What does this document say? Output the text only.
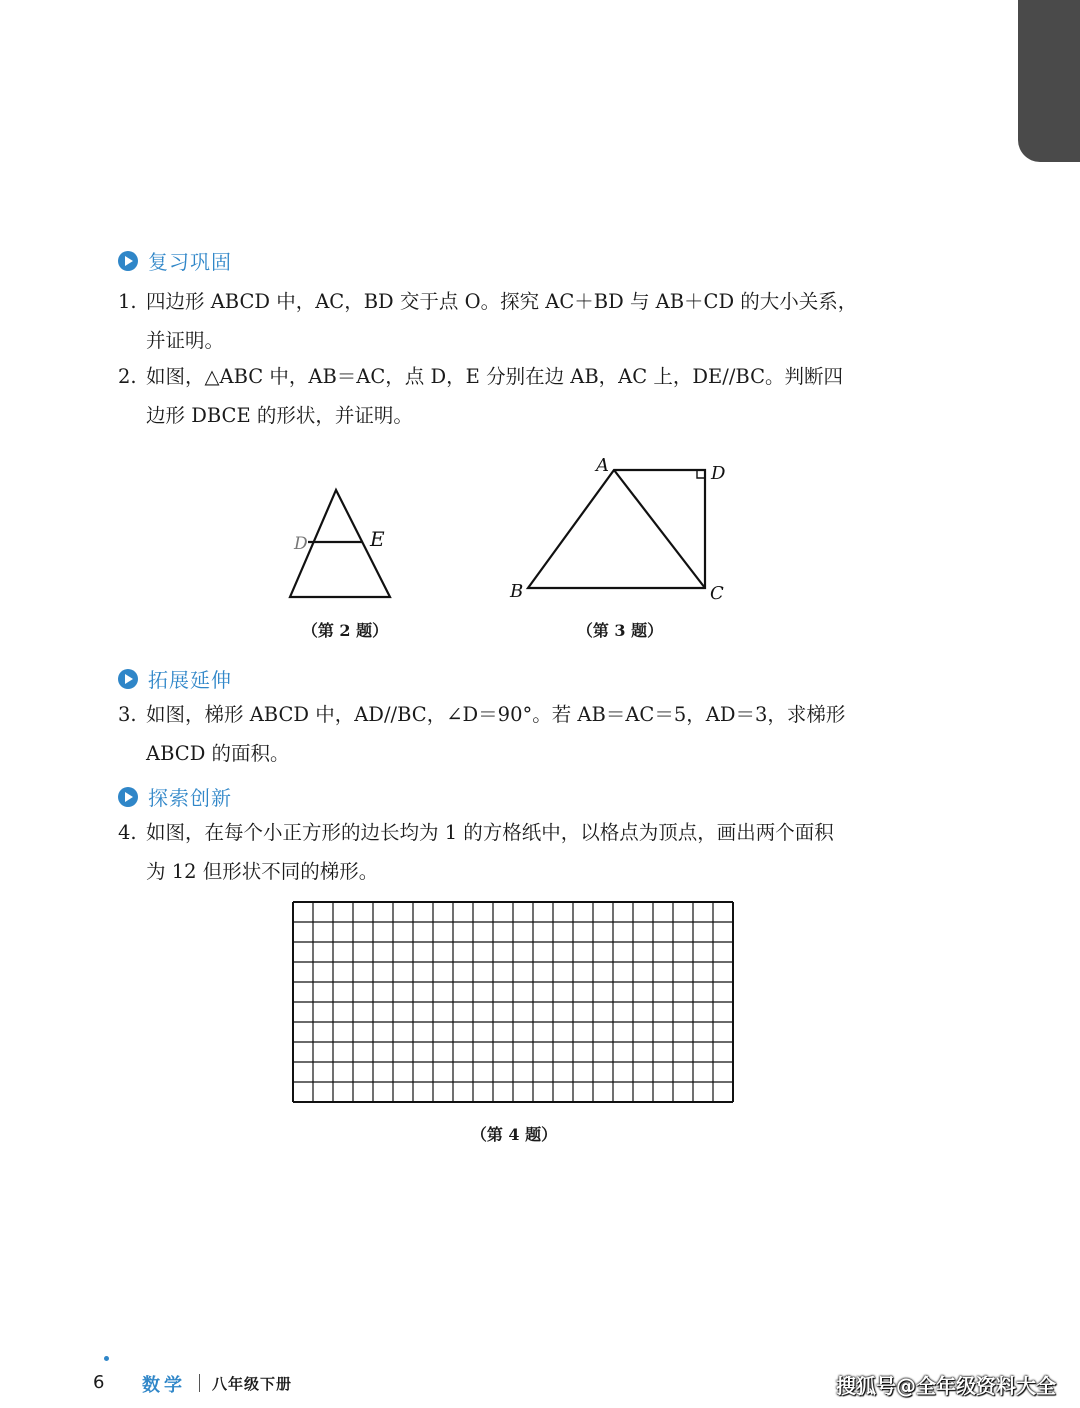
复习巩固
1. 四边形 ABCD 中，AC，BD 交于点 O。探究 AC＋BD 与 AB＋CD 的大小关系，
并证明。
2. 如图，△ABC 中，AB＝AC，点 D，E 分别在边 AB，AC 上，DE//BC。判断四
边形 DBCE 的形状，并证明。
D	E
（第 2 题）
A	D
B	C
（第 3 题）
拓展延伸
3. 如图，梯形 ABCD 中，AD//BC，∠D＝90°。若 AB＝AC＝5，AD＝3，求梯形
ABCD 的面积。
探索创新
4. 如图，在每个小正方形的边长均为 1 的方格纸中，以格点为顶点，画出两个面积
为 12 但形状不同的梯形。
（第 4 题）
6 数学 八年级下册	搜狐号@全年级资料大全
